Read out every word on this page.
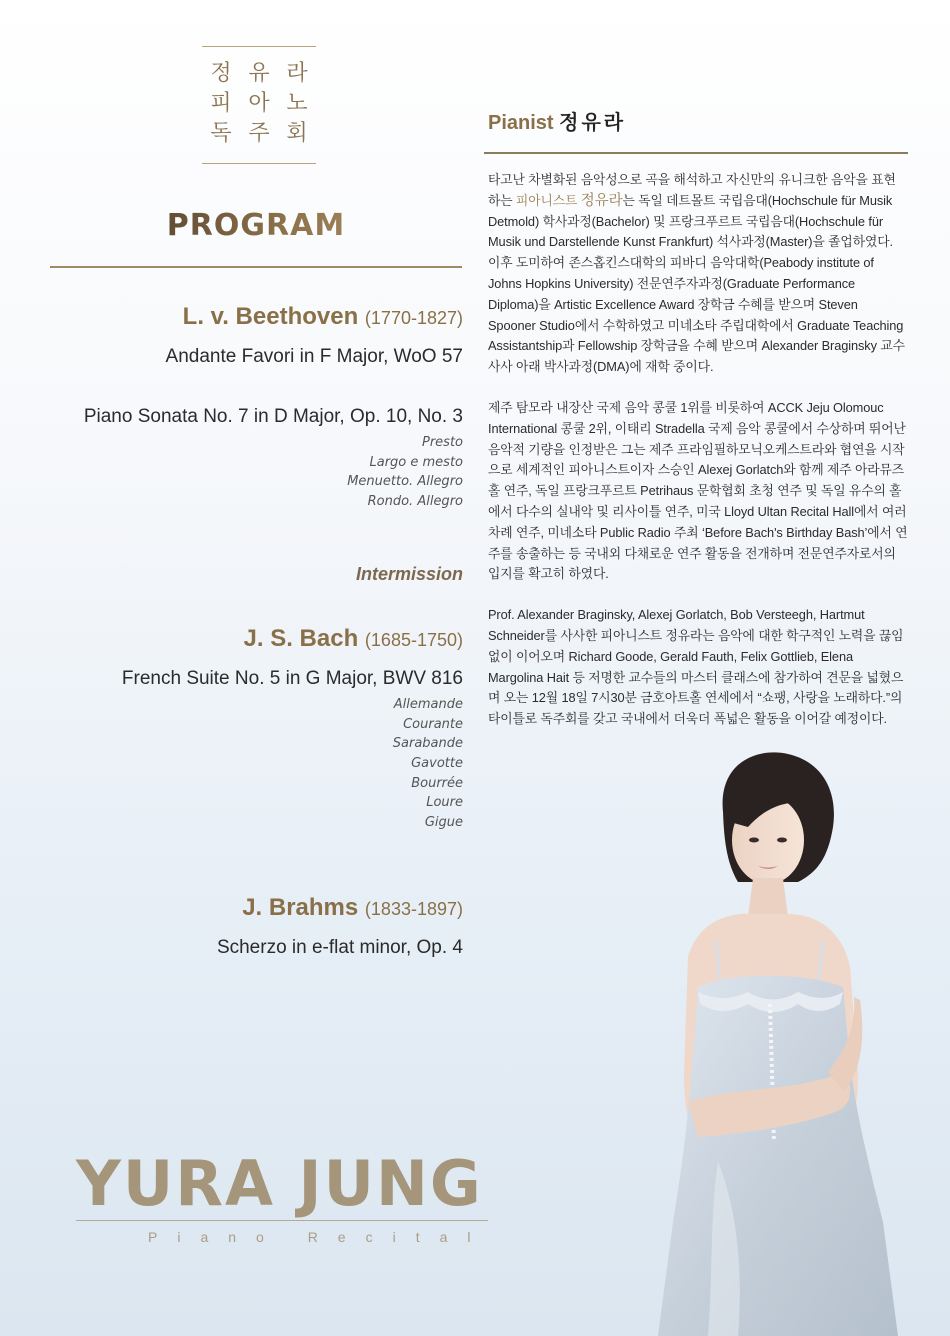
정 유 라
피 아 노
독 주 회
PROGRAM
L. v. Beethoven (1770-1827)
Andante Favori in F Major, WoO 57
Piano Sonata No. 7 in D Major, Op. 10, No. 3
Presto
Largo e mesto
Menuetto. Allegro
Rondo. Allegro
Intermission
J. S. Bach (1685-1750)
French Suite No. 5 in G Major, BWV 816
Allemande
Courante
Sarabande
Gavotte
Bourrée
Loure
Gigue
J. Brahms (1833-1897)
Scherzo in e-flat minor, Op. 4
YURA JUNG
Piano Recital
Pianist 정유라

타고난 차별화된 음악성으로 곡을 해석하고 자신만의 유니크한 음악을 표현하는 피아니스트 정유라는 독일 데트몰트 국립음대(Hochschule für Musik Detmold) 학사과정(Bachelor) 및 프랑크푸르트 국립음대(Hochschule für Musik und Darstellende Kunst Frankfurt) 석사과정(Master)을 졸업하였다. 이후 도미하여 존스홉킨스대학의 피바디 음악대학(Peabody institute of Johns Hopkins University) 전문연주자과정(Graduate Performance Diploma)을 Artistic Excellence Award 장학금 수혜를 받으며 Steven Spooner Studio에서 수학하였고 미네소타 주립대학에서 Graduate Teaching Assistantship과 Fellowship 장학금을 수혜 받으며 Alexander Braginsky 교수 사사 아래 박사과정(DMA)에 재학 중이다.

제주 탐모라 내장산 국제 음악 콩쿨 1위를 비롯하여 ACCK Jeju Olomouc International 콩쿨 2위, 이태리 Stradella 국제 음악 콩쿨에서 수상하며 뛰어난 음악적 기량을 인정받은 그는 제주 프라임필하모닉오케스트라와 협연을 시작으로 세계적인 피아니스트이자 스승인 Alexej Gorlatch와 함께 제주 아라뮤즈홀 연주, 독일 프랑크푸르트 Petrihaus 문학협회 초청 연주 및 독일 유수의 홀에서 다수의 실내악 및 리사이틀 연주, 미국 Lloyd Ultan Recital Hall에서 여러 차례 연주, 미네소타 Public Radio 주최 ‘Before Bach's Birthday Bash’에서 연주를 송출하는 등 국내외 다채로운 연주 활동을 전개하며 전문연주자로서의 입지를 확고히 하였다.

Prof. Alexander Braginsky, Alexej Gorlatch, Bob Versteegh, Hartmut Schneider를 사사한 피아니스트 정유라는 음악에 대한 학구적인 노력을 끊임없이 이어오며 Richard Goode, Gerald Fauth, Felix Gottlieb, Elena Margolina Hait 등 저명한 교수들의 마스터 클래스에 참가하여 견문을 넓혔으며 오는 12월 18일 7시30분 금호아트홀 연세에서 “쇼팽, 사랑을 노래하다.”의 타이틀로 독주회를 갖고 국내에서 더욱더 폭넓은 활동을 이어갈 예정이다.
